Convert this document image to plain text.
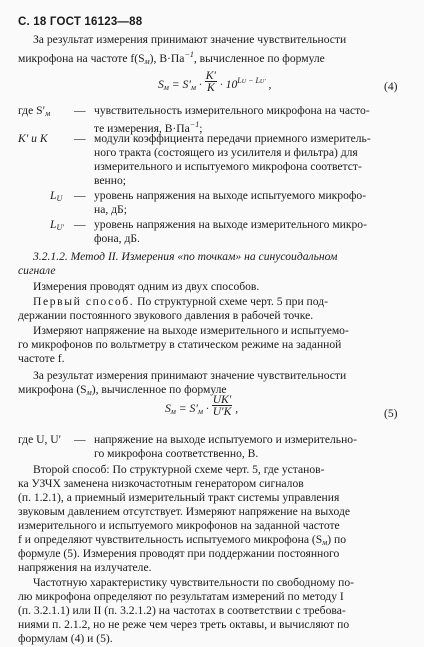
С. 18 ГОСТ 16123—88
За результат измерения принимают значение чувствительности
микрофона на частоте $f(S_м)$, $В\cdot Па^{-1}$, вычисленное по формуле
$S_м = S'_м \cdot \frac{K'}{K} \cdot 10^{LU - LU'}$ ,	(4)
где $S'_м$ — чувствительность измерительного микрофона на часто-
те измерения, $В\cdot Па^{-1}$;
K′ и K — модули коэффициента передачи приемного измеритель-
ного тракта (состоящего из усилителя и фильтра) для
измерительного и испытуемого микрофона соответст-
венно;
$L_U$ — уровень напряжения на выходе испытуемого микрофо-
на, дБ;
$L_{U'}$ — уровень напряжения на выходе измерительного микро-
фона, дБ.
3.2.1.2. Метод II. Измерения «по точкам» на синусоидальном
сигнале
Измерения проводят одним из двух способов.
Первый способ. По структурной схеме черт. 5 при под-
держании постоянного звукового давления в рабочей точке.
Измеряют напряжение на выходе измерительного и испытуемо-
го микрофонов по вольтметру в статическом режиме на заданной
частоте f.
За результат измерения принимают значение чувствительности
микрофона $(S_м)$, вычисленное по формуле
$S_м = S'_м \cdot \frac{UK'}{U'K}$ ,	(5)
где U, U′ — напряжение на выходе испытуемого и измерительно-
го микрофона соответственно, В.
Второй способ: По структурной схеме черт. 5, где установ-
ка УЗЧХ заменена низкочастотным генератором сигналов
(п. 1.2.1), а приемный измерительный тракт системы управления
звуковым давлением отсутствует. Измеряют напряжение на выходе
измерительного и испытуемого микрофонов на заданной частоте
f и определяют чувствительность испытуемого микрофона $(S_м)$ по
формуле (5). Измерения проводят при поддержании постоянного
напряжения на излучателе.
Частотную характеристику чувствительности по свободному по-
лю микрофона определяют по результатам измерений по методу I
(п. 3.2.1.1) или II (п. 3.2.1.2) на частотах в соответствии с требова-
ниями п. 2.1.2, но не реже чем через треть октавы, и вычисляют по
формулам (4) и (5).
